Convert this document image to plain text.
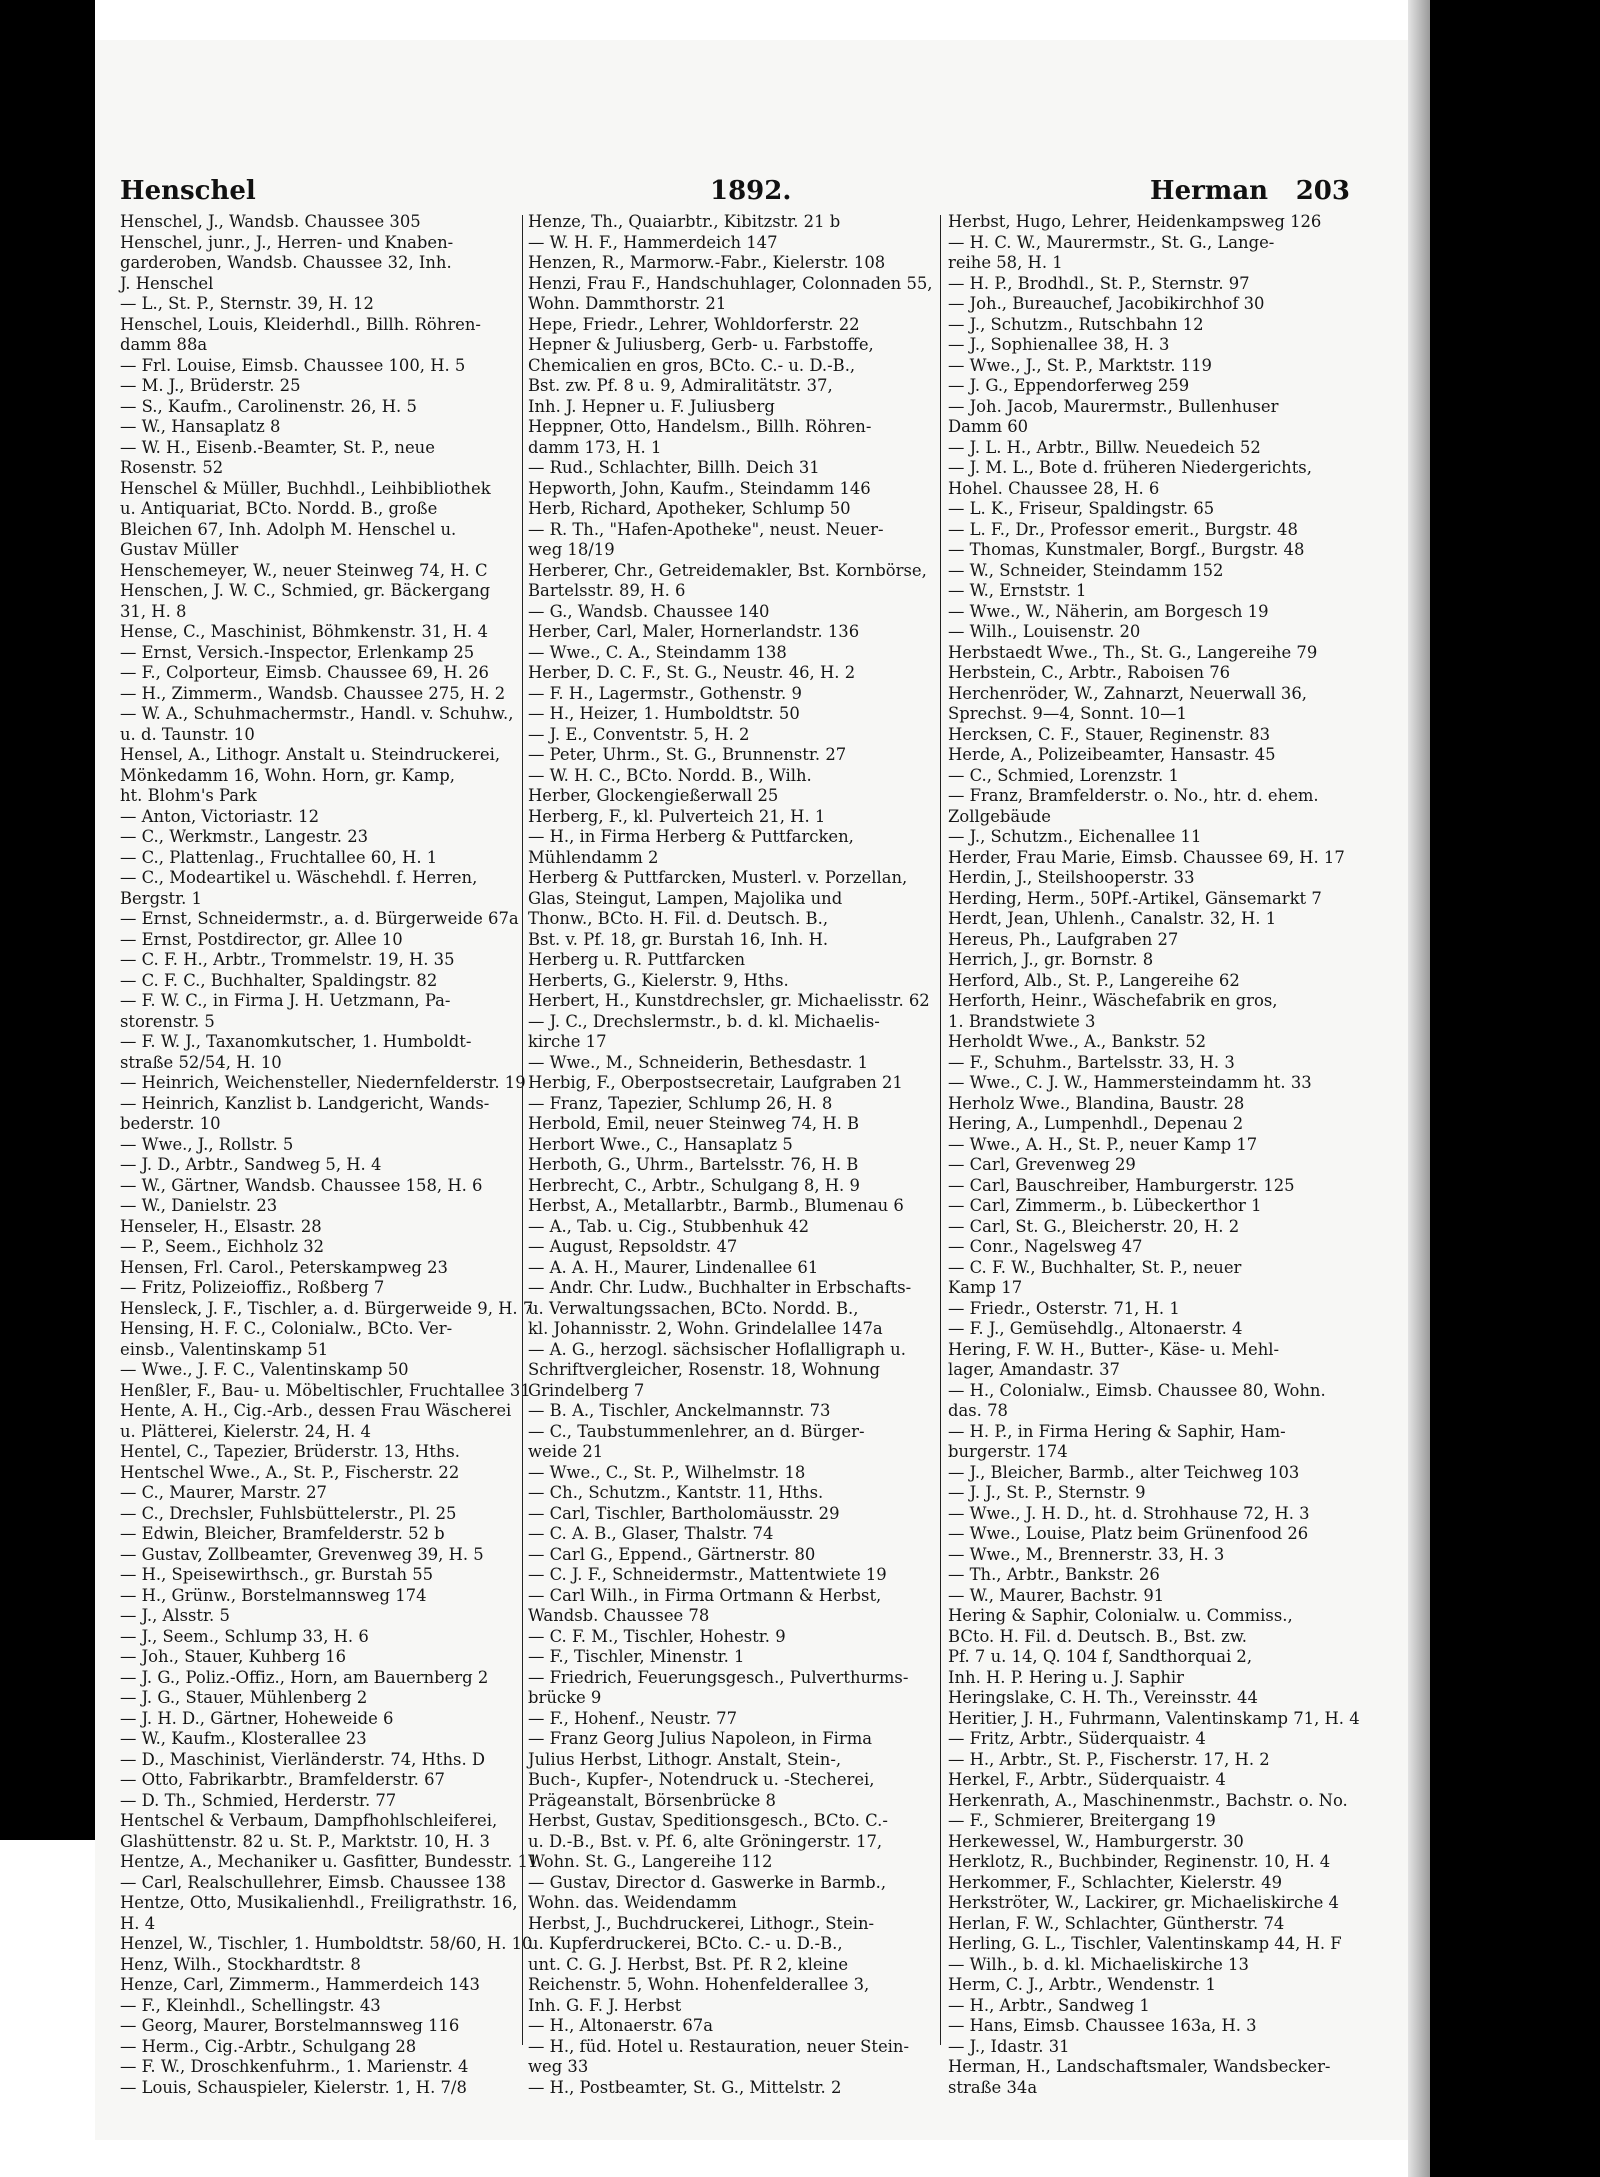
Henschel	1892.	Herman 203
Henschel, J., Wandsb. Chaussee 305
Henschel, junr., J., Herren- und Knaben-
garderoben, Wandsb. Chaussee 32, Inh.
J. Henschel
— L., St. P., Sternstr. 39, H. 12
Henschel, Louis, Kleiderhdl., Billh. Röhren-
damm 88a
— Frl. Louise, Eimsb. Chaussee 100, H. 5
— M. J., Brüderstr. 25
— S., Kaufm., Carolinenstr. 26, H. 5
— W., Hansaplatz 8
— W. H., Eisenb.-Beamter, St. P., neue
Rosenstr. 52
Henschel & Müller, Buchhdl., Leihbibliothek
u. Antiquariat, BCto. Nordd. B., große
Bleichen 67, Inh. Adolph M. Henschel u.
Gustav Müller
Henschemeyer, W., neuer Steinweg 74, H. C
Henschen, J. W. C., Schmied, gr. Bäckergang
31, H. 8
Hense, C., Maschinist, Böhmkenstr. 31, H. 4
— Ernst, Versich.-Inspector, Erlenkamp 25
— F., Colporteur, Eimsb. Chaussee 69, H. 26
— H., Zimmerm., Wandsb. Chaussee 275, H. 2
— W. A., Schuhmachermstr., Handl. v. Schuhw.,
u. d. Taunstr. 10
Hensel, A., Lithogr. Anstalt u. Steindruckerei,
Mönkedamm 16, Wohn. Horn, gr. Kamp,
ht. Blohm's Park
— Anton, Victoriastr. 12
— C., Werkmstr., Langestr. 23
— C., Plattenlag., Fruchtallee 60, H. 1
— C., Modeartikel u. Wäschehdl. f. Herren,
Bergstr. 1
— Ernst, Schneidermstr., a. d. Bürgerweide 67a
— Ernst, Postdirector, gr. Allee 10
— C. F. H., Arbtr., Trommelstr. 19, H. 35
— C. F. C., Buchhalter, Spaldingstr. 82
— F. W. C., in Firma J. H. Uetzmann, Pa-
storenstr. 5
— F. W. J., Taxanomkutscher, 1. Humboldt-
straße 52/54, H. 10
— Heinrich, Weichensteller, Niedernfelderstr. 19
— Heinrich, Kanzlist b. Landgericht, Wands-
bederstr. 10
— Wwe., J., Rollstr. 5
— J. D., Arbtr., Sandweg 5, H. 4
— W., Gärtner, Wandsb. Chaussee 158, H. 6
— W., Danielstr. 23
Henseler, H., Elsastr. 28
— P., Seem., Eichholz 32
Hensen, Frl. Carol., Peterskampweg 23
— Fritz, Polizeioffiz., Roßberg 7
Hensleck, J. F., Tischler, a. d. Bürgerweide 9, H. 7
Hensing, H. F. C., Colonialw., BCto. Ver-
einsb., Valentinskamp 51
— Wwe., J. F. C., Valentinskamp 50
Henßler, F., Bau- u. Möbeltischler, Fruchtallee 31
Hente, A. H., Cig.-Arb., dessen Frau Wäscherei
u. Plätterei, Kielerstr. 24, H. 4
Hentel, C., Tapezier, Brüderstr. 13, Hths.
Hentschel Wwe., A., St. P., Fischerstr. 22
— C., Maurer, Marstr. 27
— C., Drechsler, Fuhlsbüttelerstr., Pl. 25
— Edwin, Bleicher, Bramfelderstr. 52 b
— Gustav, Zollbeamter, Grevenweg 39, H. 5
— H., Speisewirthsch., gr. Burstah 55
— H., Grünw., Borstelmannsweg 174
— J., Alsstr. 5
— J., Seem., Schlump 33, H. 6
— Joh., Stauer, Kuhberg 16
— J. G., Poliz.-Offiz., Horn, am Bauernberg 2
— J. G., Stauer, Mühlenberg 2
— J. H. D., Gärtner, Hoheweide 6
— W., Kaufm., Klosterallee 23
— D., Maschinist, Vierländerstr. 74, Hths. D
— Otto, Fabrikarbtr., Bramfelderstr. 67
— D. Th., Schmied, Herderstr. 77
Hentschel & Verbaum, Dampfhohlschleiferei,
Glashüttenstr. 82 u. St. P., Marktstr. 10, H. 3
Hentze, A., Mechaniker u. Gasfitter, Bundesstr. 11
— Carl, Realschullehrer, Eimsb. Chaussee 138
Hentze, Otto, Musikalienhdl., Freiligrathstr. 16,
H. 4
Henzel, W., Tischler, 1. Humboldtstr. 58/60, H. 10
Henz, Wilh., Stockhardtstr. 8
Henze, Carl, Zimmerm., Hammerdeich 143
— F., Kleinhdl., Schellingstr. 43
— Georg, Maurer, Borstelmannsweg 116
— Herm., Cig.-Arbtr., Schulgang 28
— F. W., Droschkenfuhrm., 1. Marienstr. 4
— Louis, Schauspieler, Kielerstr. 1, H. 7/8
Henze, Th., Quaiarbtr., Kibitzstr. 21 b
— W. H. F., Hammerdeich 147
Henzen, R., Marmorw.-Fabr., Kielerstr. 108
Henzi, Frau F., Handschuhlager, Colonnaden 55,
Wohn. Dammthorstr. 21
Hepe, Friedr., Lehrer, Wohldorferstr. 22
Hepner & Juliusberg, Gerb- u. Farbstoffe,
Chemicalien en gros, BCto. C.- u. D.-B.,
Bst. zw. Pf. 8 u. 9, Admiralitätstr. 37,
Inh. J. Hepner u. F. Juliusberg
Heppner, Otto, Handelsm., Billh. Röhren-
damm 173, H. 1
— Rud., Schlachter, Billh. Deich 31
Hepworth, John, Kaufm., Steindamm 146
Herb, Richard, Apotheker, Schlump 50
— R. Th., "Hafen-Apotheke", neust. Neuer-
weg 18/19
Herberer, Chr., Getreidemakler, Bst. Kornbörse,
Bartelsstr. 89, H. 6
— G., Wandsb. Chaussee 140
Herber, Carl, Maler, Hornerlandstr. 136
— Wwe., C. A., Steindamm 138
Herber, D. C. F., St. G., Neustr. 46, H. 2
— F. H., Lagermstr., Gothenstr. 9
— H., Heizer, 1. Humboldtstr. 50
— J. E., Conventstr. 5, H. 2
— Peter, Uhrm., St. G., Brunnenstr. 27
— W. H. C., BCto. Nordd. B., Wilh.
Herber, Glockengießerwall 25
Herberg, F., kl. Pulverteich 21, H. 1
— H., in Firma Herberg & Puttfarcken,
Mühlendamm 2
Herberg & Puttfarcken, Musterl. v. Porzellan,
Glas, Steingut, Lampen, Majolika und
Thonw., BCto. H. Fil. d. Deutsch. B.,
Bst. v. Pf. 18, gr. Burstah 16, Inh. H.
Herberg u. R. Puttfarcken
Herberts, G., Kielerstr. 9, Hths.
Herbert, H., Kunstdrechsler, gr. Michaelisstr. 62
— J. C., Drechslermstr., b. d. kl. Michaelis-
kirche 17
— Wwe., M., Schneiderin, Bethesdastr. 1
Herbig, F., Oberpostsecretair, Laufgraben 21
— Franz, Tapezier, Schlump 26, H. 8
Herbold, Emil, neuer Steinweg 74, H. B
Herbort Wwe., C., Hansaplatz 5
Herboth, G., Uhrm., Bartelsstr. 76, H. B
Herbrecht, C., Arbtr., Schulgang 8, H. 9
Herbst, A., Metallarbtr., Barmb., Blumenau 6
— A., Tab. u. Cig., Stubbenhuk 42
— August, Repsoldstr. 47
— A. A. H., Maurer, Lindenallee 61
— Andr. Chr. Ludw., Buchhalter in Erbschafts-
u. Verwaltungssachen, BCto. Nordd. B.,
kl. Johannisstr. 2, Wohn. Grindelallee 147a
— A. G., herzogl. sächsischer Hoflalligraph u.
Schriftvergleicher, Rosenstr. 18, Wohnung
Grindelberg 7
— B. A., Tischler, Anckelmannstr. 73
— C., Taubstummenlehrer, an d. Bürger-
weide 21
— Wwe., C., St. P., Wilhelmstr. 18
— Ch., Schutzm., Kantstr. 11, Hths.
— Carl, Tischler, Bartholomäusstr. 29
— C. A. B., Glaser, Thalstr. 74
— Carl G., Eppend., Gärtnerstr. 80
— C. J. F., Schneidermstr., Mattentwiete 19
— Carl Wilh., in Firma Ortmann & Herbst,
Wandsb. Chaussee 78
— C. F. M., Tischler, Hohestr. 9
— F., Tischler, Minenstr. 1
— Friedrich, Feuerungsgesch., Pulverthurms-
brücke 9
— F., Hohenf., Neustr. 77
— Franz Georg Julius Napoleon, in Firma
Julius Herbst, Lithogr. Anstalt, Stein-,
Buch-, Kupfer-, Notendruck u. -Stecherei,
Prägeanstalt, Börsenbrücke 8
Herbst, Gustav, Speditionsgesch., BCto. C.-
u. D.-B., Bst. v. Pf. 6, alte Gröningerstr. 17,
Wohn. St. G., Langereihe 112
— Gustav, Director d. Gaswerke in Barmb.,
Wohn. das. Weidendamm
Herbst, J., Buchdruckerei, Lithogr., Stein-
u. Kupferdruckerei, BCto. C.- u. D.-B.,
unt. C. G. J. Herbst, Bst. Pf. R 2, kleine
Reichenstr. 5, Wohn. Hohenfelderallee 3,
Inh. G. F. J. Herbst
— H., Altonaerstr. 67a
— H., füd. Hotel u. Restauration, neuer Stein-
weg 33
— H., Postbeamter, St. G., Mittelstr. 2
Herbst, Hugo, Lehrer, Heidenkampsweg 126
— H. C. W., Maurermstr., St. G., Lange-
reihe 58, H. 1
— H. P., Brodhdl., St. P., Sternstr. 97
— Joh., Bureauchef, Jacobikirchhof 30
— J., Schutzm., Rutschbahn 12
— J., Sophienallee 38, H. 3
— Wwe., J., St. P., Marktstr. 119
— J. G., Eppendorferweg 259
— Joh. Jacob, Maurermstr., Bullenhuser
Damm 60
— J. L. H., Arbtr., Billw. Neuedeich 52
— J. M. L., Bote d. früheren Niedergerichts,
Hohel. Chaussee 28, H. 6
— L. K., Friseur, Spaldingstr. 65
— L. F., Dr., Professor emerit., Burgstr. 48
— Thomas, Kunstmaler, Borgf., Burgstr. 48
— W., Schneider, Steindamm 152
— W., Ernststr. 1
— Wwe., W., Näherin, am Borgesch 19
— Wilh., Louisenstr. 20
Herbstaedt Wwe., Th., St. G., Langereihe 79
Herbstein, C., Arbtr., Raboisen 76
Herchenröder, W., Zahnarzt, Neuerwall 36,
Sprechst. 9—4, Sonnt. 10—1
Hercksen, C. F., Stauer, Reginenstr. 83
Herde, A., Polizeibeamter, Hansastr. 45
— C., Schmied, Lorenzstr. 1
— Franz, Bramfelderstr. o. No., htr. d. ehem.
Zollgebäude
— J., Schutzm., Eichenallee 11
Herder, Frau Marie, Eimsb. Chaussee 69, H. 17
Herdin, J., Steilshooperstr. 33
Herding, Herm., 50Pf.-Artikel, Gänsemarkt 7
Herdt, Jean, Uhlenh., Canalstr. 32, H. 1
Hereus, Ph., Laufgraben 27
Herrich, J., gr. Bornstr. 8
Herford, Alb., St. P., Langereihe 62
Herforth, Heinr., Wäschefabrik en gros,
1. Brandstwiete 3
Herholdt Wwe., A., Bankstr. 52
— F., Schuhm., Bartelsstr. 33, H. 3
— Wwe., C. J. W., Hammersteindamm ht. 33
Herholz Wwe., Blandina, Baustr. 28
Hering, A., Lumpenhdl., Depenau 2
— Wwe., A. H., St. P., neuer Kamp 17
— Carl, Grevenweg 29
— Carl, Bauschreiber, Hamburgerstr. 125
— Carl, Zimmerm., b. Lübeckerthor 1
— Carl, St. G., Bleicherstr. 20, H. 2
— Conr., Nagelsweg 47
— C. F. W., Buchhalter, St. P., neuer
Kamp 17
— Friedr., Osterstr. 71, H. 1
— F. J., Gemüsehdlg., Altonaerstr. 4
Hering, F. W. H., Butter-, Käse- u. Mehl-
lager, Amandastr. 37
— H., Colonialw., Eimsb. Chaussee 80, Wohn.
das. 78
— H. P., in Firma Hering & Saphir, Ham-
burgerstr. 174
— J., Bleicher, Barmb., alter Teichweg 103
— J. J., St. P., Sternstr. 9
— Wwe., J. H. D., ht. d. Strohhause 72, H. 3
— Wwe., Louise, Platz beim Grünenfood 26
— Wwe., M., Brennerstr. 33, H. 3
— Th., Arbtr., Bankstr. 26
— W., Maurer, Bachstr. 91
Hering & Saphir, Colonialw. u. Commiss.,
BCto. H. Fil. d. Deutsch. B., Bst. zw.
Pf. 7 u. 14, Q. 104 f, Sandthorquai 2,
Inh. H. P. Hering u. J. Saphir
Heringslake, C. H. Th., Vereinsstr. 44
Heritier, J. H., Fuhrmann, Valentinskamp 71, H. 4
— Fritz, Arbtr., Süderquaistr. 4
— H., Arbtr., St. P., Fischerstr. 17, H. 2
Herkel, F., Arbtr., Süderquaistr. 4
Herkenrath, A., Maschinenmstr., Bachstr. o. No.
— F., Schmierer, Breitergang 19
Herkewessel, W., Hamburgerstr. 30
Herklotz, R., Buchbinder, Reginenstr. 10, H. 4
Herkommer, F., Schlachter, Kielerstr. 49
Herkströter, W., Lackirer, gr. Michaeliskirche 4
Herlan, F. W., Schlachter, Güntherstr. 74
Herling, G. L., Tischler, Valentinskamp 44, H. F
— Wilh., b. d. kl. Michaeliskirche 13
Herm, C. J., Arbtr., Wendenstr. 1
— H., Arbtr., Sandweg 1
— Hans, Eimsb. Chaussee 163a, H. 3
— J., Idastr. 31
Herman, H., Landschaftsmaler, Wandsbecker-
straße 34a
